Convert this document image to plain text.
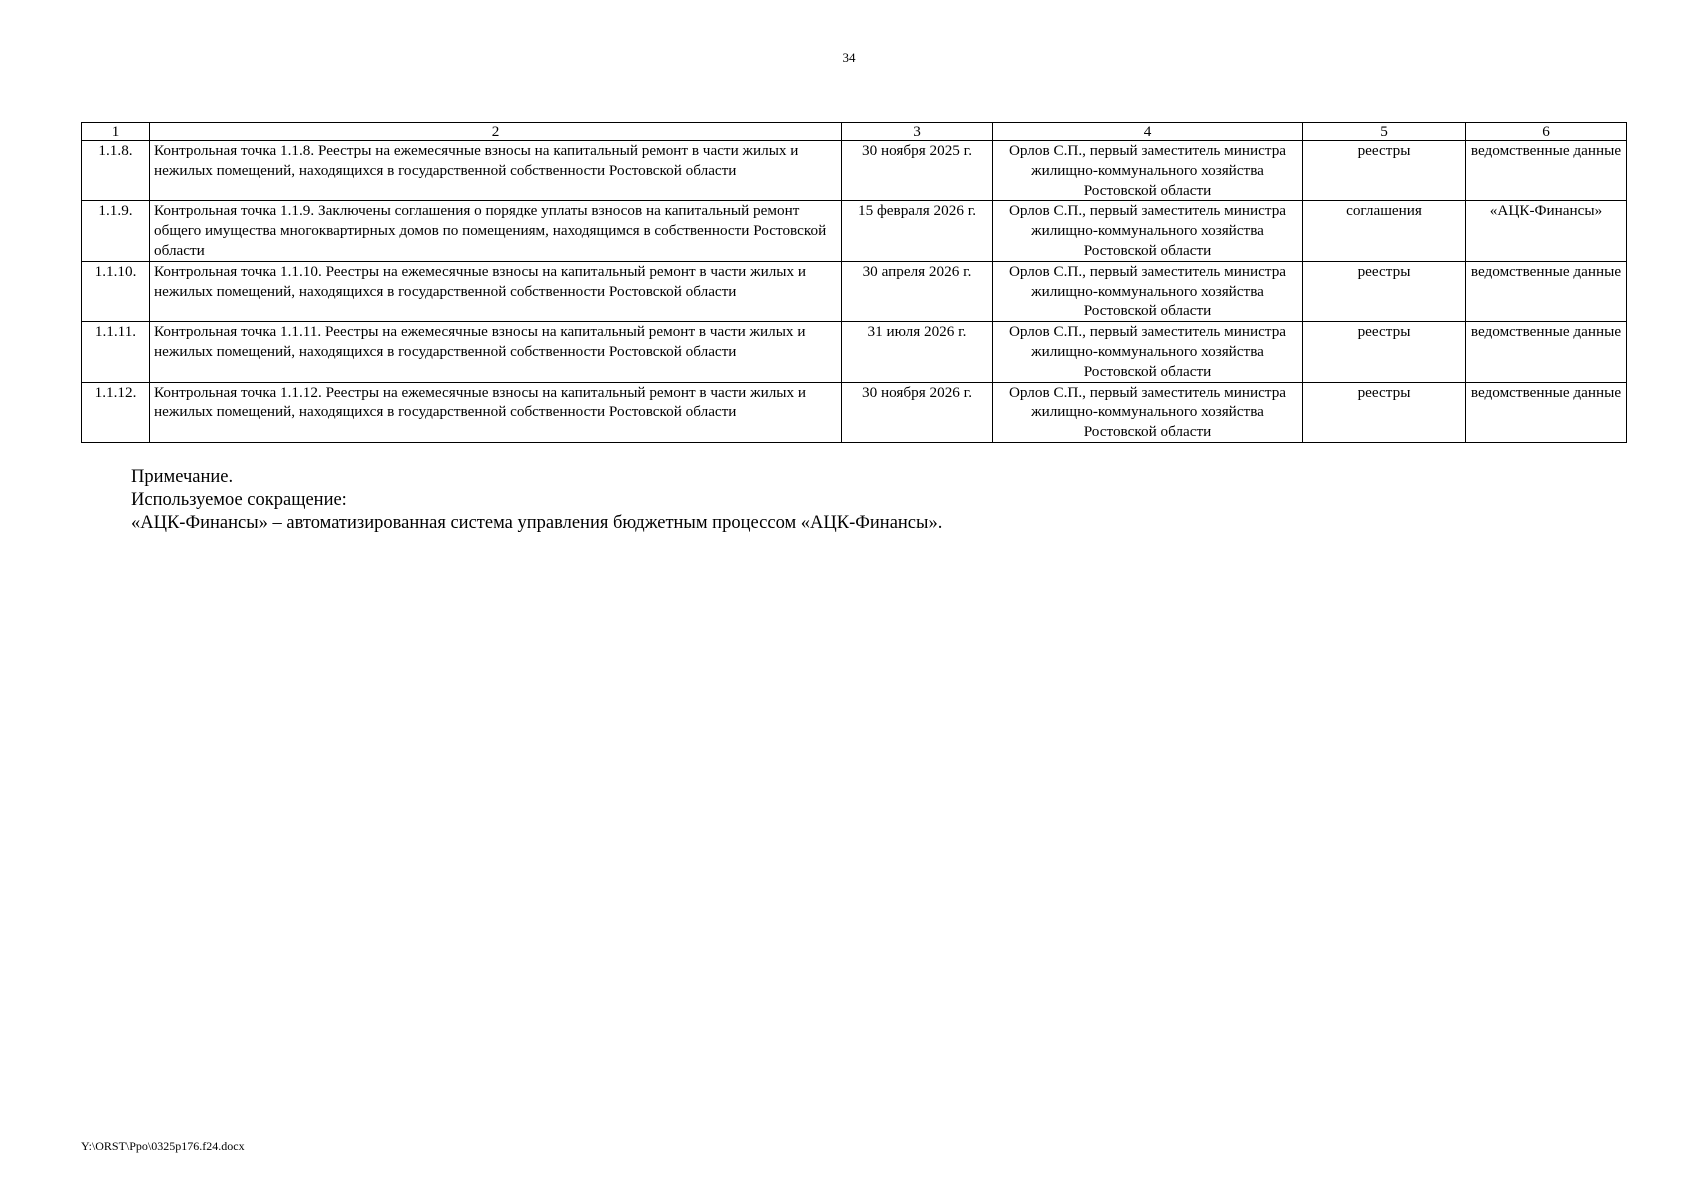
34
1	2	3	4	5	6
1.1.8.	Контрольная точка 1.1.8. Реестры на ежемесячные взносы на капитальный ремонт в части жилых и нежилых помещений, находящихся в государственной собственности Ростовской области	30 ноября 2025 г.	Орлов С.П., первый заместитель министра жилищно-коммунального хозяйства Ростовской области	реестры	ведомственные данные
1.1.9.	Контрольная точка 1.1.9. Заключены соглашения о порядке уплаты взносов на капитальный ремонт общего имущества многоквартирных домов по помещениям, находящимся в собственности Ростовской области	15 февраля 2026 г.	Орлов С.П., первый заместитель министра жилищно-коммунального хозяйства Ростовской области	соглашения	«АЦК-Финансы»
1.1.10.	Контрольная точка 1.1.10. Реестры на ежемесячные взносы на капитальный ремонт в части жилых и нежилых помещений, находящихся в государственной собственности Ростовской области	30 апреля 2026 г.	Орлов С.П., первый заместитель министра жилищно-коммунального хозяйства Ростовской области	реестры	ведомственные данные
1.1.11.	Контрольная точка 1.1.11. Реестры на ежемесячные взносы на капитальный ремонт в части жилых и нежилых помещений, находящихся в государственной собственности Ростовской области	31 июля 2026 г.	Орлов С.П., первый заместитель министра жилищно-коммунального хозяйства Ростовской области	реестры	ведомственные данные
1.1.12.	Контрольная точка 1.1.12. Реестры на ежемесячные взносы на капитальный ремонт в части жилых и нежилых помещений, находящихся в государственной собственности Ростовской области	30 ноября 2026 г.	Орлов С.П., первый заместитель министра жилищно-коммунального хозяйства Ростовской области	реестры	ведомственные данные
Примечание.
Используемое сокращение:
«АЦК-Финансы» – автоматизированная система управления бюджетным процессом «АЦК-Финансы».
Y:\ORST\Ppo\0325p176.f24.docx
